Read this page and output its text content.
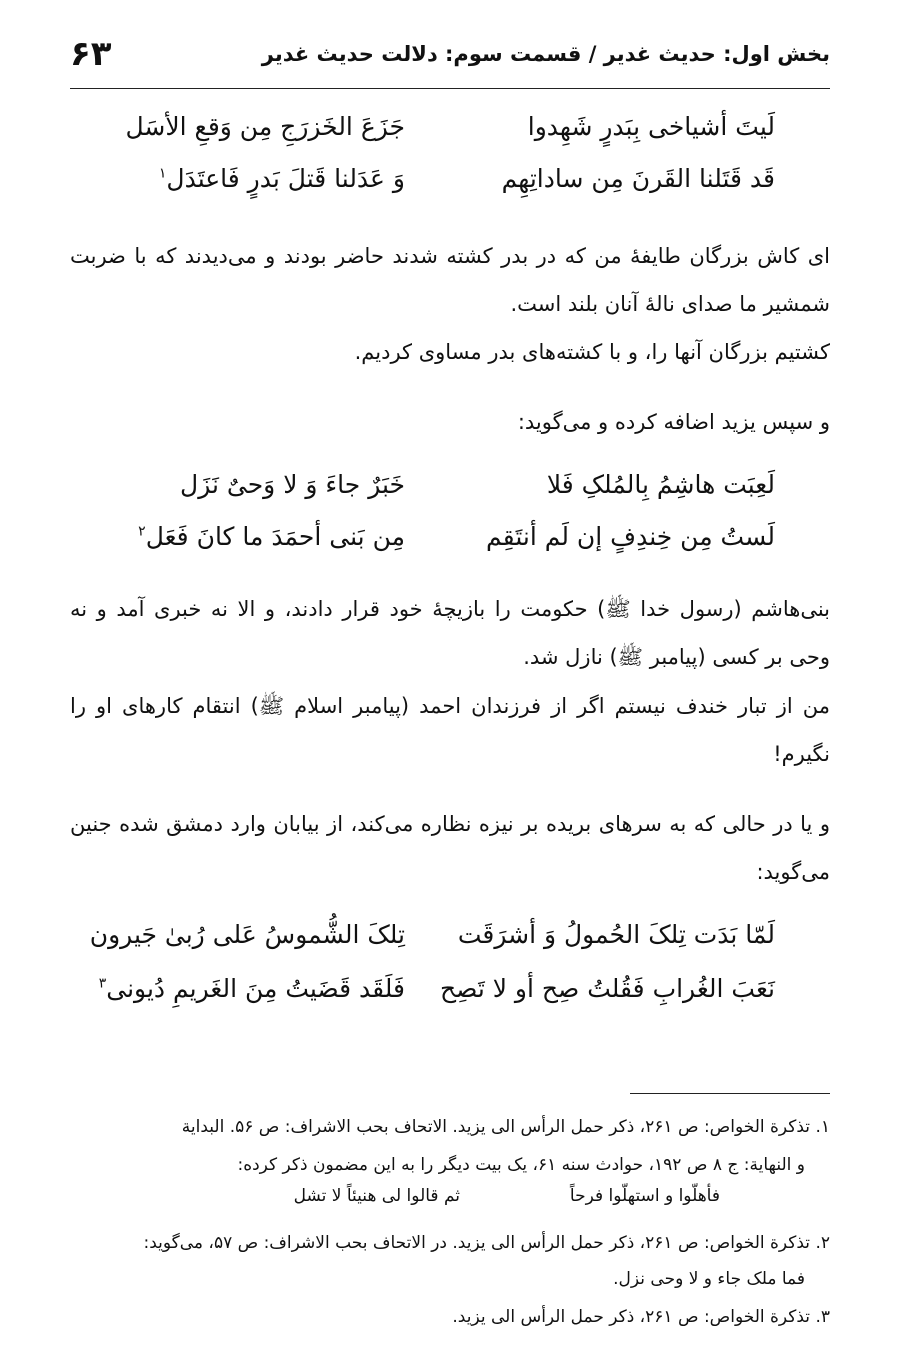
بخش اول: حدیث غدیر / قسمت سوم: دلالت حدیث غدیر
۶۳
لَیتَ أشیاخی بِبَدرٍ شَهِدوا
جَزَعَ الخَزرَجِ مِن وَقعِ الأسَل
قَد قَتَلنا القَرنَ مِن ساداتِهِم
وَ عَدَلنا قَتلَ بَدرٍ فَاعتَدَل$^۱$

ای کاش بزرگان طایفهٔ من که در بدر کشته شدند حاضر بودند و می‌دیدند که با ضربت شمشیر ما صدای نالهٔ آنان بلند است.

کشتیم بزرگان آنها را، و با کشته‌های بدر مساوی کردیم.

و سپس یزید اضافه کرده و می‌گوید:

لَعِبَت هاشِمُ بِالمُلکِ فَلا
خَبَرٌ جاءَ وَ لا وَحیٌ نَزَل
لَستُ مِن خِندِفٍ إن لَم أنتَقِم
مِن بَنی أحمَدَ ما کانَ فَعَل$^۲$

بنی‌هاشم (رسول خدا ﷺ) حکومت را بازیچهٔ خود قرار دادند، و الا نه خبری آمد و نه وحی بر کسی (پیامبر ﷺ) نازل شد.

من از تبار خندف نیستم اگر از فرزندان احمد (پیامبر اسلام ﷺ) انتقام کارهای او را نگیرم!

و یا در حالی که به سرهای بریده بر نیزه نظاره می‌کند، از بیابان وارد دمشق شده جنین می‌گوید:

لَمّا بَدَت تِلکَ الحُمولُ وَ أشرَقَت
تِلکَ الشُّموسُ عَلی رُبیٰ جَیرون
نَعَبَ الغُرابِ فَقُلتُ صِح أو لا تَصِح
فَلَقَد قَضَیتُ مِنَ الغَریمِ دُیونی$^۳$

۱. تذکرة الخواص: ص ۲۶۱، ذکر حمل الرأس الی یزید. الاتحاف بحب الاشراف: ص ۵۶. البدایة

و النهایة: ج ۸ ص ۱۹۲، حوادث سنه ۶۱، یک بیت دیگر را به این مضمون ذکر کرده:

فأهلّوا و استهلّوا فرحاً
ثم قالوا لی هنیئاً لا تشل

۲. تذکرة الخواص: ص ۲۶۱، ذکر حمل الرأس الی یزید. در الاتحاف بحب الاشراف: ص ۵۷، می‌گوید:

فما ملک جاء و لا وحی نزل.

۳. تذکرة الخواص: ص ۲۶۱، ذکر حمل الرأس الی یزید.
